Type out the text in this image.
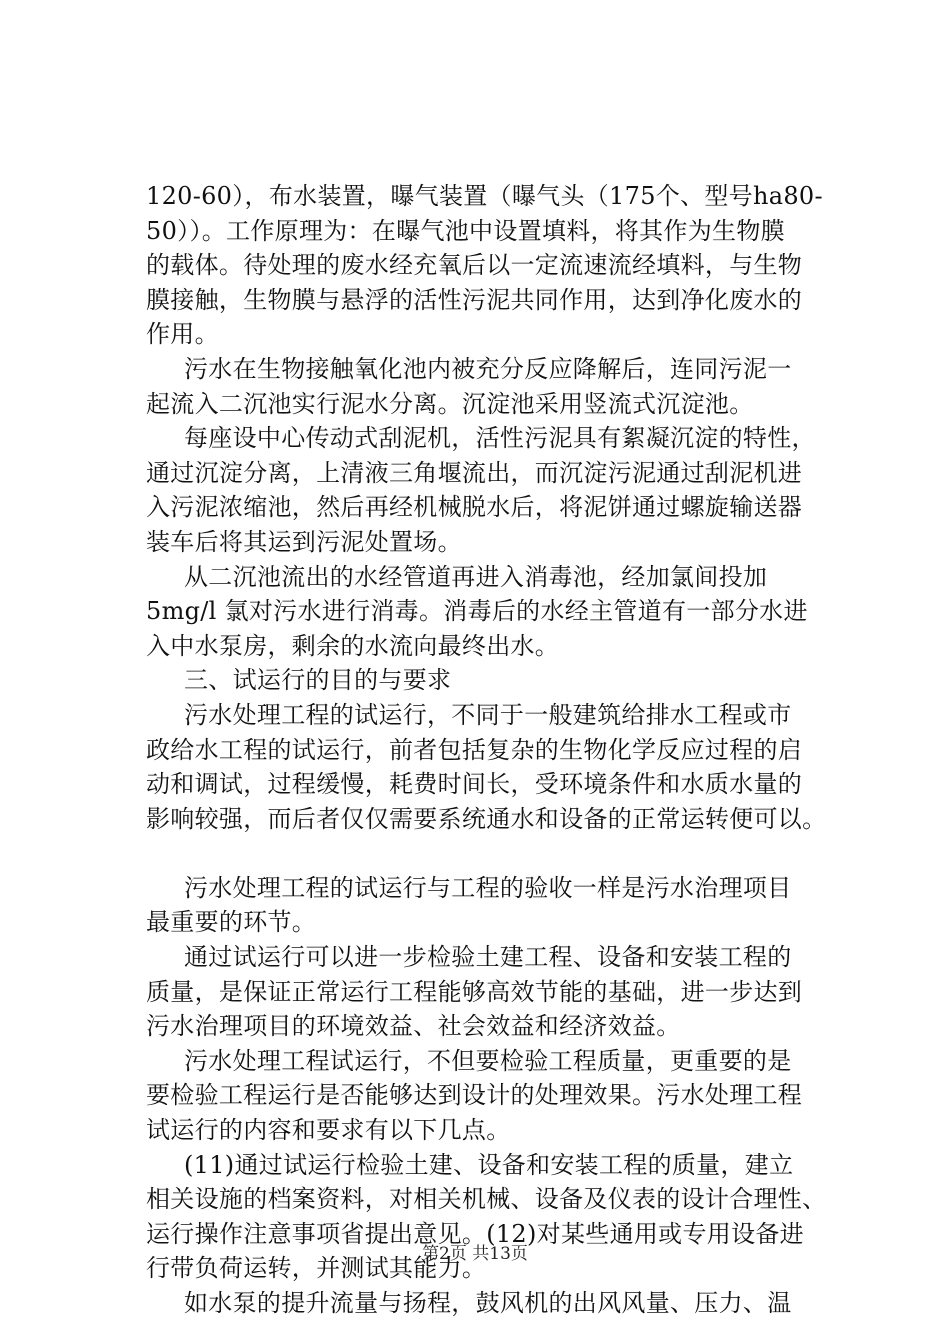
120-60），布水装置，曝气装置（曝气头（175个、型号ha80-
50））。工作原理为：在曝气池中设置填料，将其作为生物膜
的载体。待处理的废水经充氧后以一定流速流经填料，与生物
膜接触，生物膜与悬浮的活性污泥共同作用，达到净化废水的
作用。
污水在生物接触氧化池内被充分反应降解后，连同污泥一
起流入二沉池实行泥水分离。沉淀池采用竖流式沉淀池。
每座设中心传动式刮泥机，活性污泥具有絮凝沉淀的特性，
通过沉淀分离，上清液三角堰流出，而沉淀污泥通过刮泥机进
入污泥浓缩池，然后再经机械脱水后，将泥饼通过螺旋输送器
装车后将其运到污泥处置场。
从二沉池流出的水经管道再进入消毒池，经加氯间投加
5mg/l 氯对污水进行消毒。消毒后的水经主管道有一部分水进
入中水泵房，剩余的水流向最终出水。
三、试运行的目的与要求
污水处理工程的试运行，不同于一般建筑给排水工程或市
政给水工程的试运行，前者包括复杂的生物化学反应过程的启
动和调试，过程缓慢，耗费时间长，受环境条件和水质水量的
影响较强，而后者仅仅需要系统通水和设备的正常运转便可以。
污水处理工程的试运行与工程的验收一样是污水治理项目
最重要的环节。
通过试运行可以进一步检验土建工程、设备和安装工程的
质量，是保证正常运行工程能够高效节能的基础，进一步达到
污水治理项目的环境效益、社会效益和经济效益。
污水处理工程试运行，不但要检验工程质量，更重要的是
要检验工程运行是否能够达到设计的处理效果。污水处理工程
试运行的内容和要求有以下几点。
(11)通过试运行检验土建、设备和安装工程的质量，建立
相关设施的档案资料，对相关机械、设备及仪表的设计合理性、
运行操作注意事项省提出意见。(12)对某些通用或专用设备进
行带负荷运转，并测试其能力。
如水泵的提升流量与扬程，鼓风机的出风风量、压力、温
第2页 共13页
